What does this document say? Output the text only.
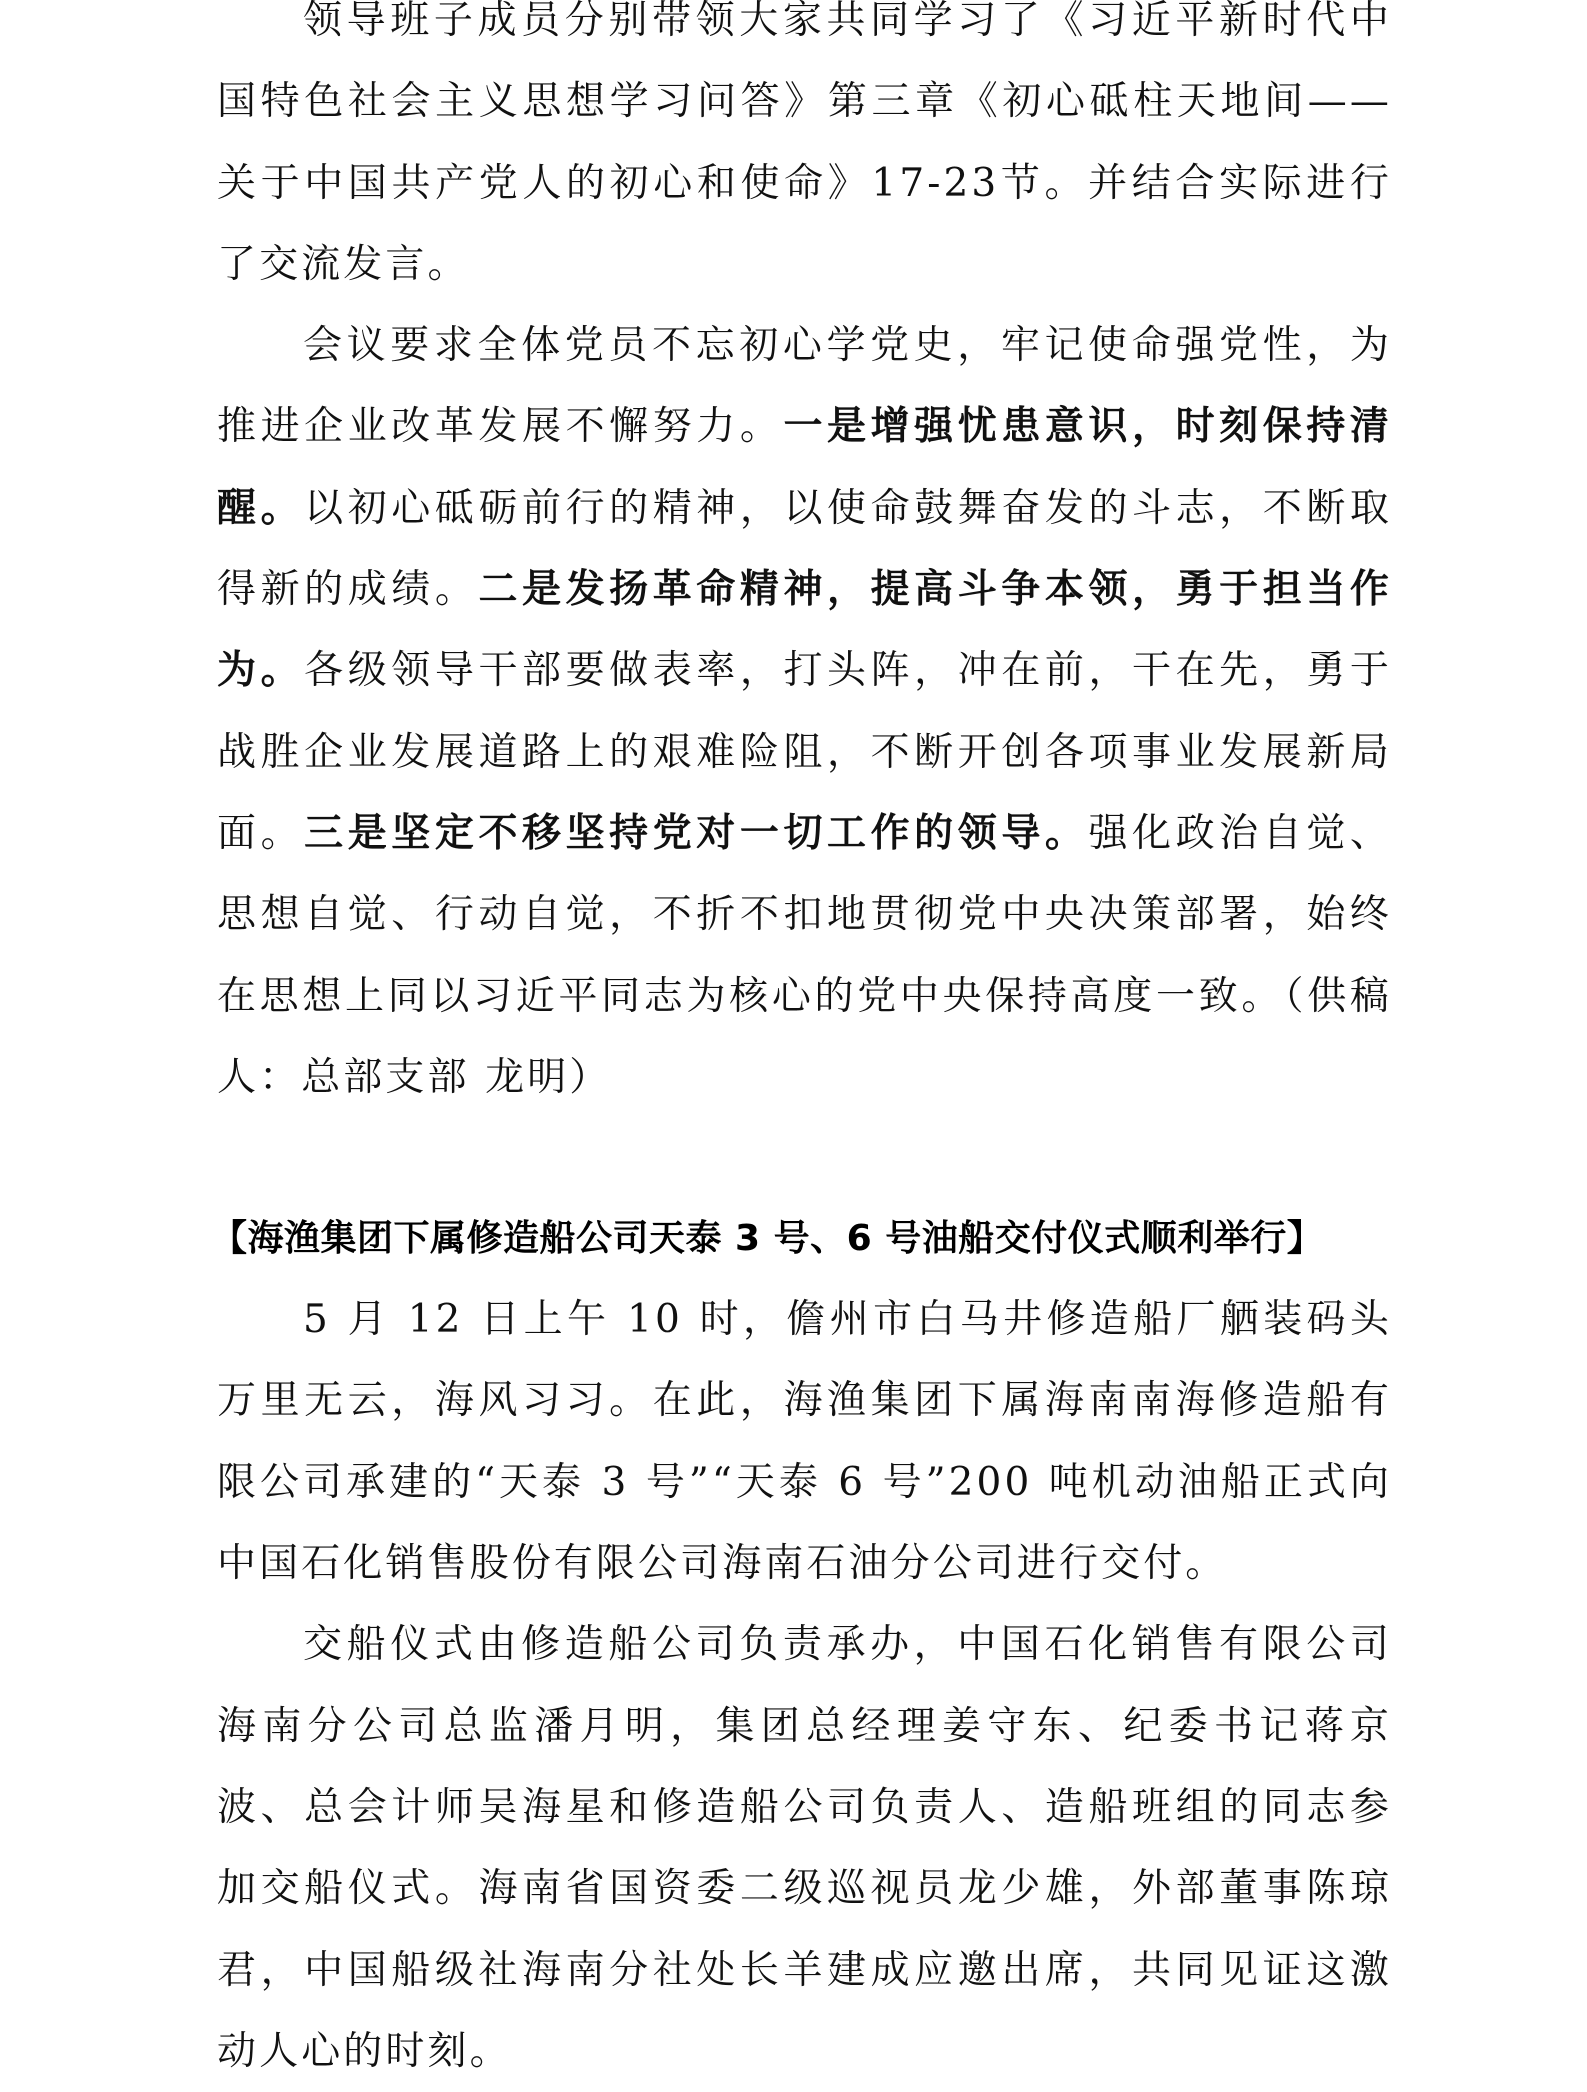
领导班子成员分别带领大家共同学习了《习近平新时代中国特色社会主义思想学习问答》第三章《初心砥柱天地间——关于中国共产党人的初心和使命》17-23节。并结合实际进行了交流发言。

会议要求全体党员不忘初心学党史，牢记使命强党性，为推进企业改革发展不懈努力。一是增强忧患意识，时刻保持清醒。以初心砥砺前行的精神，以使命鼓舞奋发的斗志，不断取得新的成绩。二是发扬革命精神，提高斗争本领，勇于担当作为。各级领导干部要做表率，打头阵，冲在前，干在先，勇于战胜企业发展道路上的艰难险阻，不断开创各项事业发展新局面。三是坚定不移坚持党对一切工作的领导。强化政治自觉、思想自觉、行动自觉，不折不扣地贯彻党中央决策部署，始终在思想上同以习近平同志为核心的党中央保持高度一致。（供稿人：总部支部 龙明）

【海渔集团下属修造船公司天泰 3 号、6 号油船交付仪式顺利举行】

5 月 12 日上午 10 时，儋州市白马井修造船厂舾装码头万里无云，海风习习。在此，海渔集团下属海南南海修造船有限公司承建的“天泰 3 号”“天泰 6 号”200 吨机动油船正式向中国石化销售股份有限公司海南石油分公司进行交付。

交船仪式由修造船公司负责承办，中国石化销售有限公司海南分公司总监潘月明，集团总经理姜守东、纪委书记蒋京波、总会计师吴海星和修造船公司负责人、造船班组的同志参加交船仪式。海南省国资委二级巡视员龙少雄，外部董事陈琼君，中国船级社海南分社处长羊建成应邀出席，共同见证这激动人心的时刻。
